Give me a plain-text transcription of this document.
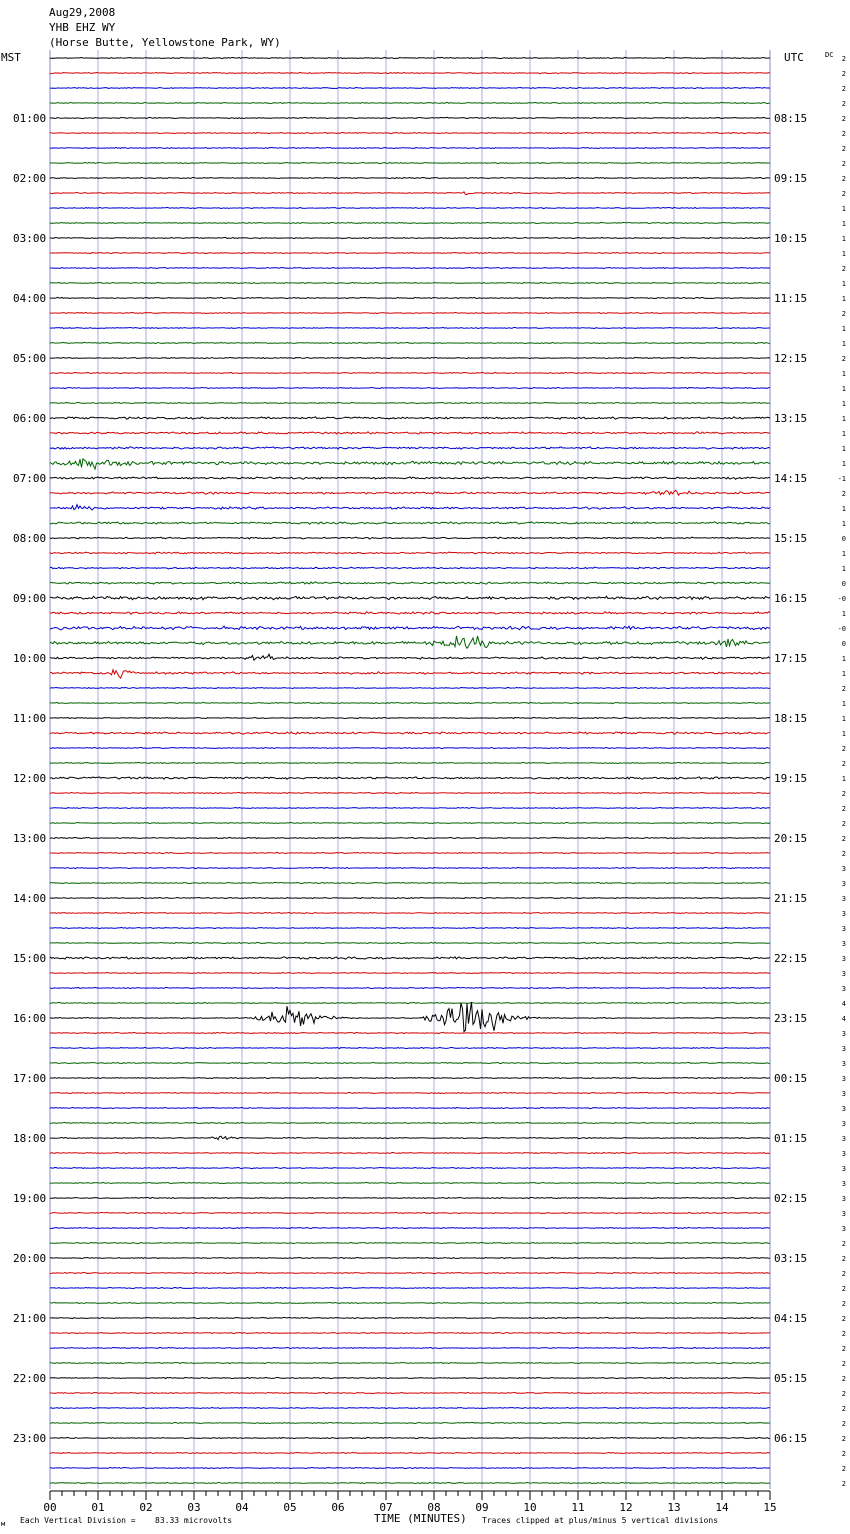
Aug29,2008
YHB EHZ WY
(Horse Butte, Yellowstone Park, WY)
MST	UTC	DC
01:00	08:15
02:00	09:15
03:00	10:15
04:00	11:15
05:00	12:15
06:00	13:15
07:00	14:15
08:00	15:15
09:00	16:15
10:00	17:15
11:00	18:15
12:00	19:15
13:00	20:15
14:00	21:15
15:00	22:15
16:00	23:15
17:00	00:15
18:00	01:15
19:00	02:15
20:00	03:15
21:00	04:15
22:00	05:15
23:00	06:15
2
2
2
2
2
2
2
2
2
2
1
1
1
1
2
1
1
2
1
1
2
1
1
1
1
1
1
1
-1
2
1
1
0
1
1
0
-0
1
-0
0
1
1
2
1
1
1
2
2
1
2
2
2
2
2
3
3
3
3
3
3
3
3
3
4
4
3
3
3
3
3
3
3
3
3
3
3
3
3
3
2
2
2
2
2
2
2
2
2
2
2
2
2
2
2
2
2
00	01	02	03	04	05	06	07	08	09	10	11	12	13	14	15
м Each Vertical Division = 83.33 microvolts	TIME (MINUTES) Traces clipped at plus/minus 5 vertical divisions
